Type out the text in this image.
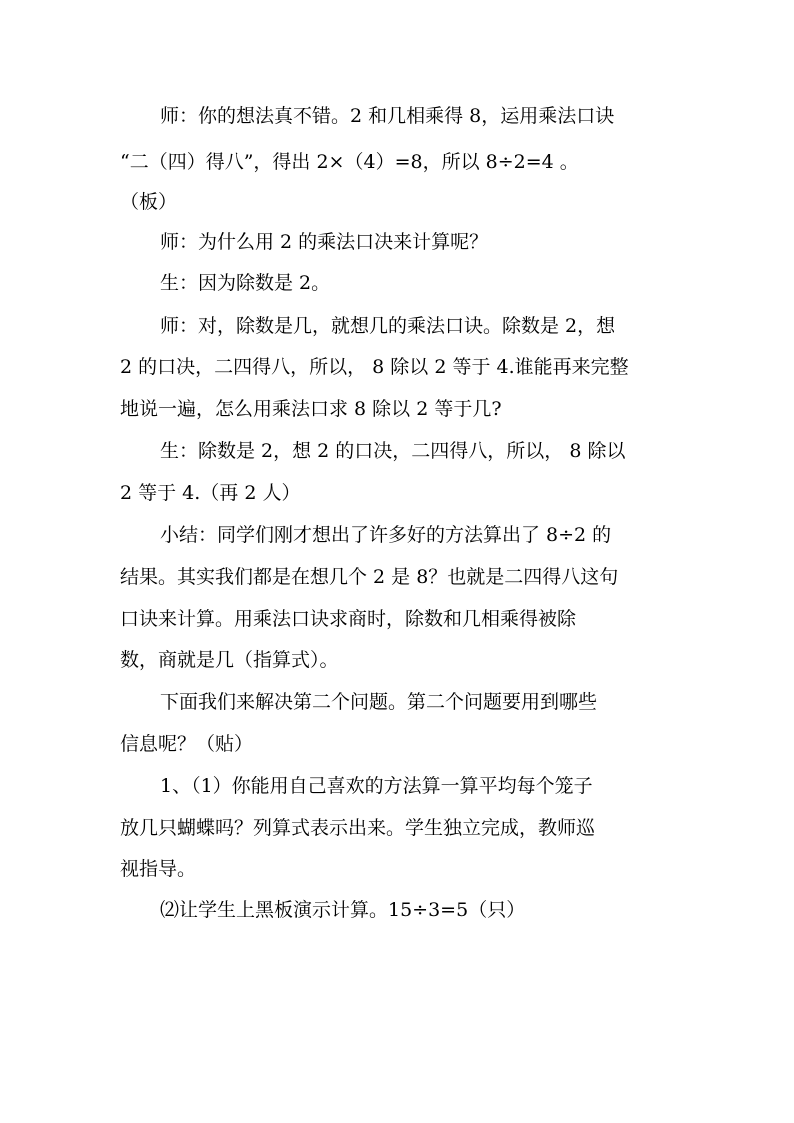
师：你的想法真不错。2 和几相乘得 8，运用乘法口诀
“二（四）得八”，得出 2×（4）=8，所以 8÷2=4 。
（板）
师：为什么用 2 的乘法口决来计算呢？
生：因为除数是 2。
师：对，除数是几，就想几的乘法口诀。除数是 2，想
2 的口决，二四得八，所以， 8 除以 2 等于 4.谁能再来完整
地说一遍，怎么用乘法口求 8 除以 2 等于几?
生：除数是 2，想 2 的口决，二四得八，所以， 8 除以
2 等于 4.（再 2 人）
小结：同学们刚才想出了许多好的方法算出了 8÷2 的
结果。其实我们都是在想几个 2 是 8？也就是二四得八这句
口诀来计算。用乘法口诀求商时，除数和几相乘得被除
数，商就是几（指算式）。
下面我们来解决第二个问题。第二个问题要用到哪些
信息呢？（贴）
1、（1）你能用自己喜欢的方法算一算平均每个笼子
放几只蝴蝶吗？列算式表示出来。学生独立完成，教师巡
视指导。
⑵让学生上黑板演示计算。15÷3=5（只）
